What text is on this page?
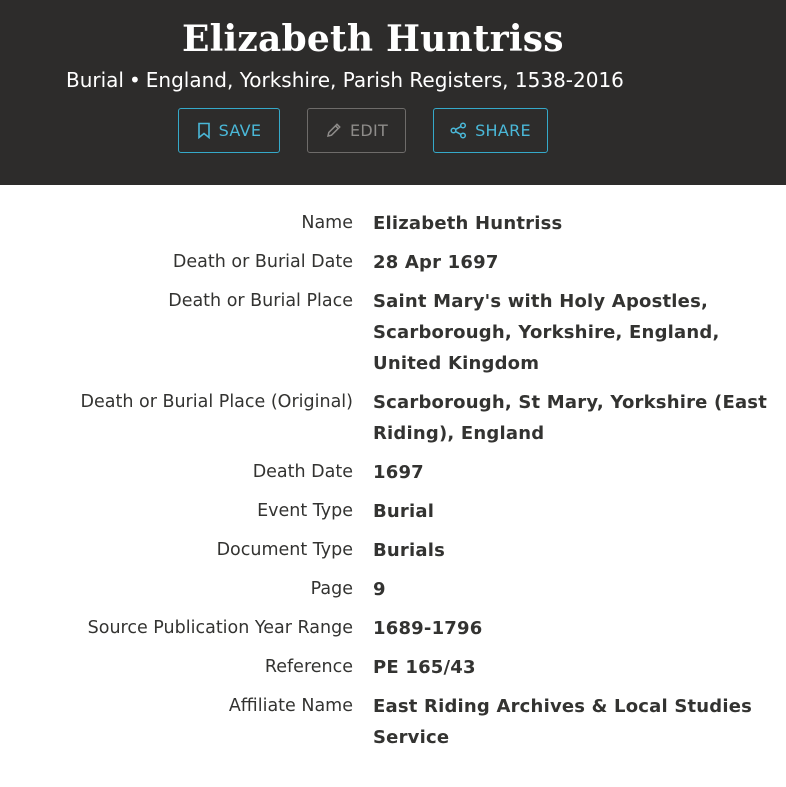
Elizabeth Huntriss
Burial • England, Yorkshire, Parish Registers, 1538-2016
SAVE	EDIT	SHARE
Name Elizabeth Huntriss
Death or Burial Date 28 Apr 1697
Death or Burial Place Saint Mary's with Holy Apostles, Scarborough, Yorkshire, England, United Kingdom
Death or Burial Place (Original) Scarborough, St Mary, Yorkshire (East Riding), England
Death Date 1697
Event Type Burial
Document Type Burials
Page 9
Source Publication Year Range 1689-1796
Reference PE 165/43
Affiliate Name East Riding Archives & Local Studies Service
